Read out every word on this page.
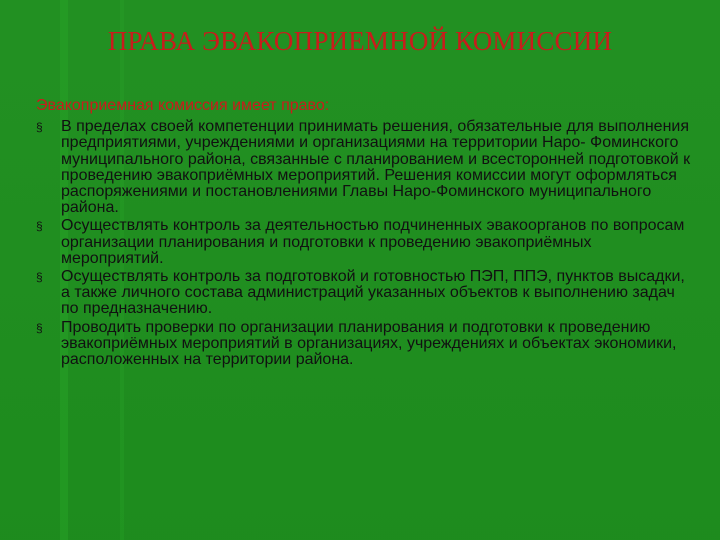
ПРАВА ЭВАКОПРИЕМНОЙ КОМИССИИ
Эвакоприемная комиссия имеет право:
§	В пределах своей компетенции принимать решения, обязательные для выполнения предприятиями, учреждениями и организациями на территории Наро- Фоминского муниципального района, связанные с планированием и всесторонней подготовкой к проведению эвакоприёмных мероприятий. Решения комиссии могут оформляться распоряжениями и постановлениями Главы Наро-Фоминского муниципального района.
§	Осуществлять контроль за деятельностью подчиненных эвакоорганов по вопросам организации планирования и подготовки к проведению эвакоприёмных мероприятий.
§	Осуществлять контроль за подготовкой и готовностью ПЭП, ППЭ, пунктов высадки, а также личного состава администраций указанных объектов к выполнению задач по предназначению.
§	Проводить проверки по организации планирования и подготовки к проведению эвакоприёмных мероприятий в организациях, учреждениях и объектах экономики, расположенных на территории района.
